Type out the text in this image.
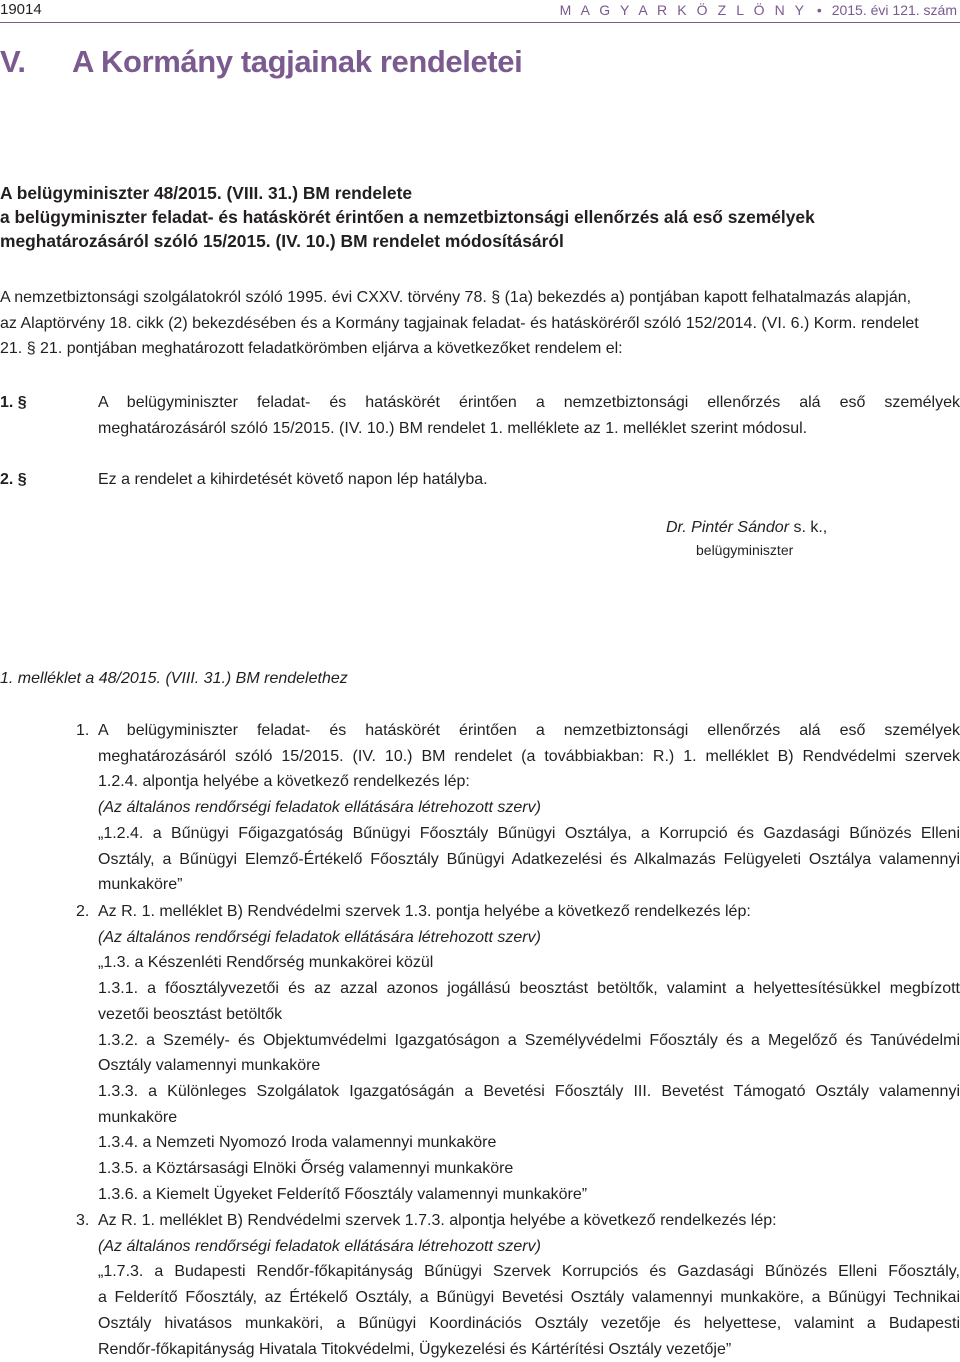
19014	M A G Y A R K Ö Z L Ö N Y • 2015. évi 121. szám
V. A Kormány tagjainak rendeletei
A belügyminiszter 48/2015. (VIII. 31.) BM rendelete
a belügyminiszter feladat- és hatáskörét érintően a nemzetbiztonsági ellenőrzés alá eső személyek
meghatározásáról szóló 15/2015. (IV. 10.) BM rendelet módosításáról
A nemzetbiztonsági szolgálatokról szóló 1995. évi CXXV. törvény 78. § (1a) bekezdés a) pontjában kapott felhatalmazás alapján,
az Alaptörvény 18. cikk (2) bekezdésében és a Kormány tagjainak feladat- és hatásköréről szóló 152/2014. (VI. 6.) Korm. rendelet
21. § 21. pontjában meghatározott feladatkörömben eljárva a következőket rendelem el:
1. §	A belügyminiszter feladat- és hatáskörét érintően a nemzetbiztonsági ellenőrzés alá eső személyek
meghatározásáról szóló 15/2015. (IV. 10.) BM rendelet 1. melléklete az 1. melléklet szerint módosul.
2. §	Ez a rendelet a kihirdetését követő napon lép hatályba.
Dr. Pintér Sándor s. k.,
belügyminiszter
1. melléklet a 48/2015. (VIII. 31.) BM rendelethez
1. A belügyminiszter feladat- és hatáskörét érintően a nemzetbiztonsági ellenőrzés alá eső személyek
meghatározásáról szóló 15/2015. (IV. 10.) BM rendelet (a továbbiakban: R.) 1. melléklet B) Rendvédelmi szervek
1.2.4. alpontja helyébe a következő rendelkezés lép:
(Az általános rendőrségi feladatok ellátására létrehozott szerv)
„1.2.4. a Bűnügyi Főigazgatóság Bűnügyi Főosztály Bűnügyi Osztálya, a Korrupció és Gazdasági Bűnözés Elleni
Osztály, a Bűnügyi Elemző-Értékelő Főosztály Bűnügyi Adatkezelési és Alkalmazás Felügyeleti Osztálya valamennyi
munkaköre”
2. Az R. 1. melléklet B) Rendvédelmi szervek 1.3. pontja helyébe a következő rendelkezés lép:
(Az általános rendőrségi feladatok ellátására létrehozott szerv)
„1.3. a Készenléti Rendőrség munkakörei közül
1.3.1. a főosztályvezetői és az azzal azonos jogállású beosztást betöltők, valamint a helyettesítésükkel megbízott
vezetői beosztást betöltők
1.3.2. a Személy- és Objektumvédelmi Igazgatóságon a Személyvédelmi Főosztály és a Megelőző és Tanúvédelmi
Osztály valamennyi munkaköre
1.3.3. a Különleges Szolgálatok Igazgatóságán a Bevetési Főosztály III. Bevetést Támogató Osztály valamennyi
munkaköre
1.3.4. a Nemzeti Nyomozó Iroda valamennyi munkaköre
1.3.5. a Köztársasági Elnöki Őrség valamennyi munkaköre
1.3.6. a Kiemelt Ügyeket Felderítő Főosztály valamennyi munkaköre”
3. Az R. 1. melléklet B) Rendvédelmi szervek 1.7.3. alpontja helyébe a következő rendelkezés lép:
(Az általános rendőrségi feladatok ellátására létrehozott szerv)
„1.7.3. a Budapesti Rendőr-főkapitányság Bűnügyi Szervek Korrupciós és Gazdasági Bűnözés Elleni Főosztály,
a Felderítő Főosztály, az Értékelő Osztály, a Bűnügyi Bevetési Osztály valamennyi munkaköre, a Bűnügyi Technikai
Osztály hivatásos munkaköri, a Bűnügyi Koordinációs Osztály vezetője és helyettese, valamint a Budapesti
Rendőr-főkapitányság Hivatala Titokvédelmi, Ügykezelési és Kártérítési Osztály vezetője”
